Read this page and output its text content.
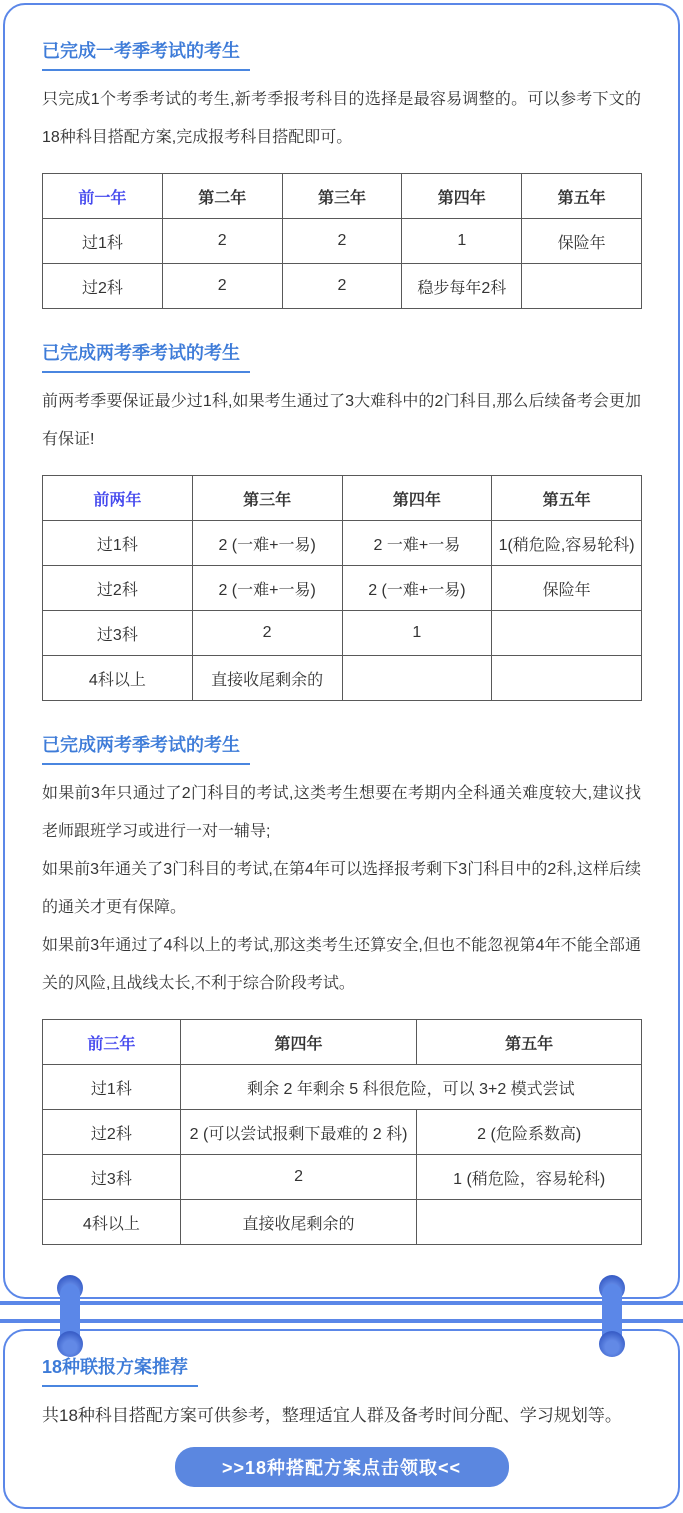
已完成一考季考试的考生

只完成1个考季考试的考生,新考季报考科目的选择是最容易调整的。可以参考下文的18种科目搭配方案,完成报考科目搭配即可。

前一年	第二年	第三年	第四年	第五年
过1科	2	2	1	保险年
过2科	2	2	稳步每年2科	
已完成两考季考试的考生

前两考季要保证最少过1科,如果考生通过了3大难科中的2门科目,那么后续备考会更加有保证!

前两年	第三年	第四年	第五年
过1科	2 (一难+一易)	2 一难+一易	1(稍危险,容易轮科)
过2科	2 (一难+一易)	2 (一难+一易)	保险年
过3科	2	1	
4科以上	直接收尾剩余的		
已完成两考季考试的考生

如果前3年只通过了2门科目的考试,这类考生想要在考期内全科通关难度较大,建议找老师跟班学习或进行一对一辅导;

如果前3年通关了3门科目的考试,在第4年可以选择报考剩下3门科目中的2科,这样后续的通关才更有保障。

如果前3年通过了4科以上的考试,那这类考生还算安全,但也不能忽视第4年不能全部通关的风险,且战线太长,不利于综合阶段考试。

前三年	第四年	第五年
过1科	剩余 2 年剩余 5 科很危险，可以 3+2 模式尝试	
过2科	2 (可以尝试报剩下最难的 2 科)	2 (危险系数高)
过3科	2	1 (稍危险，容易轮科)
4科以上	直接收尾剩余的	
18种联报方案推荐

共18种科目搭配方案可供参考，整理适宜人群及备考时间分配、学习规划等。

>>18种搭配方案点击领取<<
